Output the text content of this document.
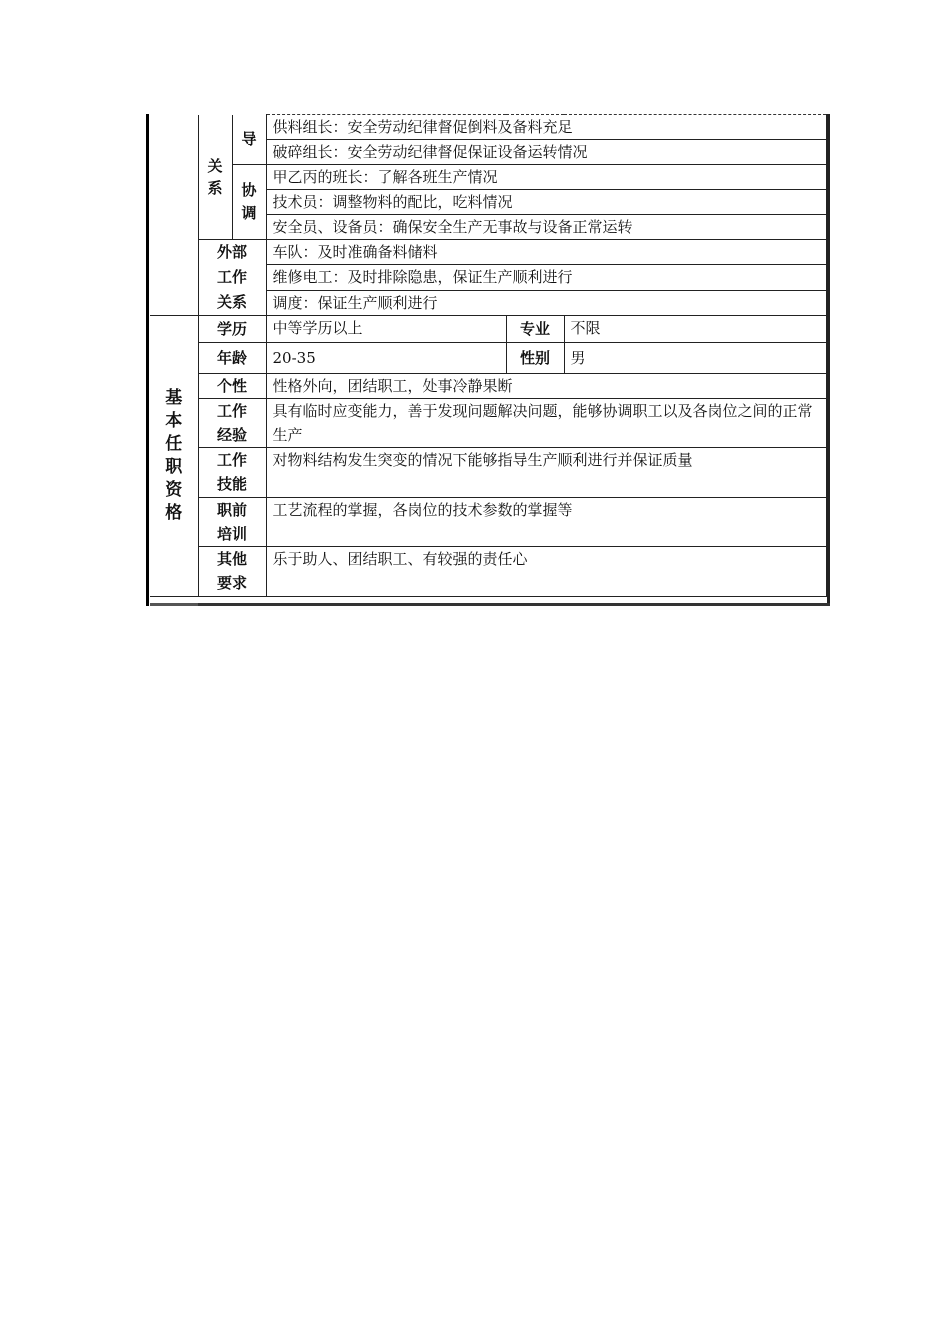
	关系	导	供料组长：安全劳动纪律督促倒料及备料充足		
			破碎组长：安全劳动纪律督促保证设备运转情况		

		协调	甲乙丙的班长：了解各班生产情况		
			技术员：调整物料的配比，吃料情况		
			安全员、设备员：确保安全生产无事故与设备正常运转		

	外部工作关系		车队：及时准确备料储料		
			维修电工：及时排除隐患，保证生产顺利进行		
			调度：保证生产顺利进行		

基本任职资格	学历		中等学历以上	专业	不限
	年龄		20-35	性别	男
	个性		性格外向，团结职工，处事冷静果断		

	工作经验		具有临时应变能力，善于发现问题解决问题，能够协调职工以及各岗位之间的正常生产		

	工作技能		对物料结构发生突变的情况下能够指导生产顺利进行并保证质量		

	职前培训		工艺流程的掌握，各岗位的技术参数的掌握等		

	其他要求		乐于助人、团结职工、有较强的责任心		
